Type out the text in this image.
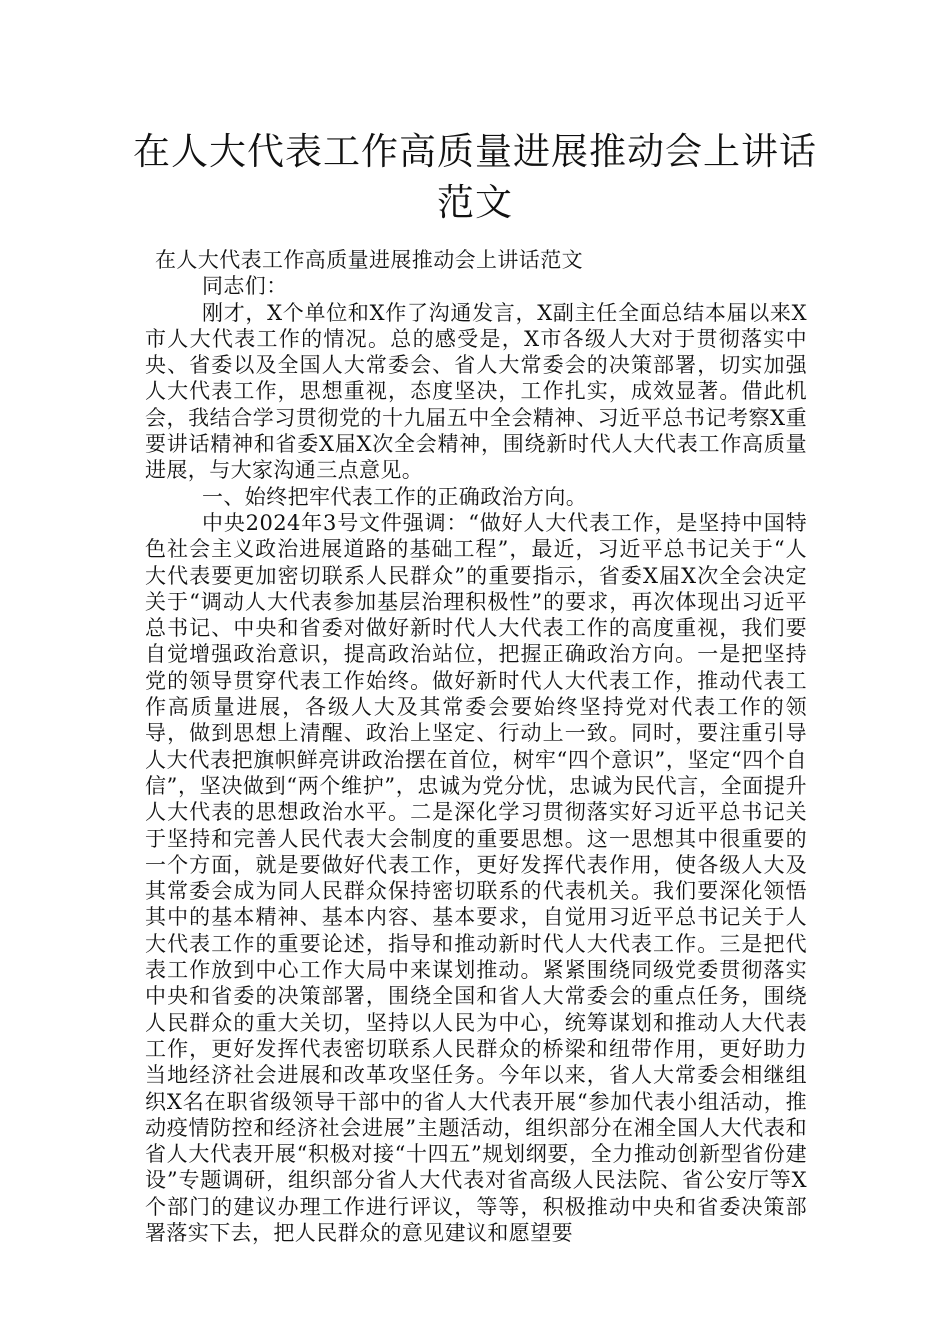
在人大代表工作高质量进展推动会上讲话范文

在人大代表工作高质量进展推动会上讲话范文

同志们：

刚才，X个单位和X作了沟通发言，X副主任全面总结本届以来X市人大代表工作的情况。总的感受是，X市各级人大对于贯彻落实中央、省委以及全国人大常委会、省人大常委会的决策部署，切实加强人大代表工作，思想重视，态度坚决，工作扎实，成效显著。借此机会，我结合学习贯彻党的十九届五中全会精神、习近平总书记考察X重要讲话精神和省委X届X次全会精神，围绕新时代人大代表工作高质量进展，与大家沟通三点意见。

一、始终把牢代表工作的正确政治方向。

中央2024年3号文件强调：“做好人大代表工作，是坚持中国特色社会主义政治进展道路的基础工程”，最近，习近平总书记关于“人大代表要更加密切联系人民群众”的重要指示，省委X届X次全会决定关于“调动人大代表参加基层治理积极性”的要求，再次体现出习近平总书记、中央和省委对做好新时代人大代表工作的高度重视，我们要自觉增强政治意识，提高政治站位，把握正确政治方向。一是把坚持党的领导贯穿代表工作始终。做好新时代人大代表工作，推动代表工作高质量进展，各级人大及其常委会要始终坚持党对代表工作的领导，做到思想上清醒、政治上坚定、行动上一致。同时，要注重引导人大代表把旗帜鲜亮讲政治摆在首位，树牢“四个意识”，坚定“四个自信”，坚决做到“两个维护”，忠诚为党分忧，忠诚为民代言，全面提升人大代表的思想政治水平。二是深化学习贯彻落实好习近平总书记关于坚持和完善人民代表大会制度的重要思想。这一思想其中很重要的一个方面，就是要做好代表工作，更好发挥代表作用，使各级人大及其常委会成为同人民群众保持密切联系的代表机关。我们要深化领悟其中的基本精神、基本内容、基本要求，自觉用习近平总书记关于人大代表工作的重要论述，指导和推动新时代人大代表工作。三是把代表工作放到中心工作大局中来谋划推动。紧紧围绕同级党委贯彻落实中央和省委的决策部署，围绕全国和省人大常委会的重点任务，围绕人民群众的重大关切，坚持以人民为中心，统筹谋划和推动人大代表工作，更好发挥代表密切联系人民群众的桥梁和纽带作用，更好助力当地经济社会进展和改革攻坚任务。今年以来，省人大常委会相继组织X名在职省级领导干部中的省人大代表开展“参加代表小组活动，推动疫情防控和经济社会进展”主题活动，组织部分在湘全国人大代表和省人大代表开展“积极对接“十四五”规划纲要，全力推动创新型省份建设”专题调研，组织部分省人大代表对省高级人民法院、省公安厅等X个部门的建议办理工作进行评议，等等，积极推动中央和省委决策部署落实下去，把人民群众的意见建议和愿望要
